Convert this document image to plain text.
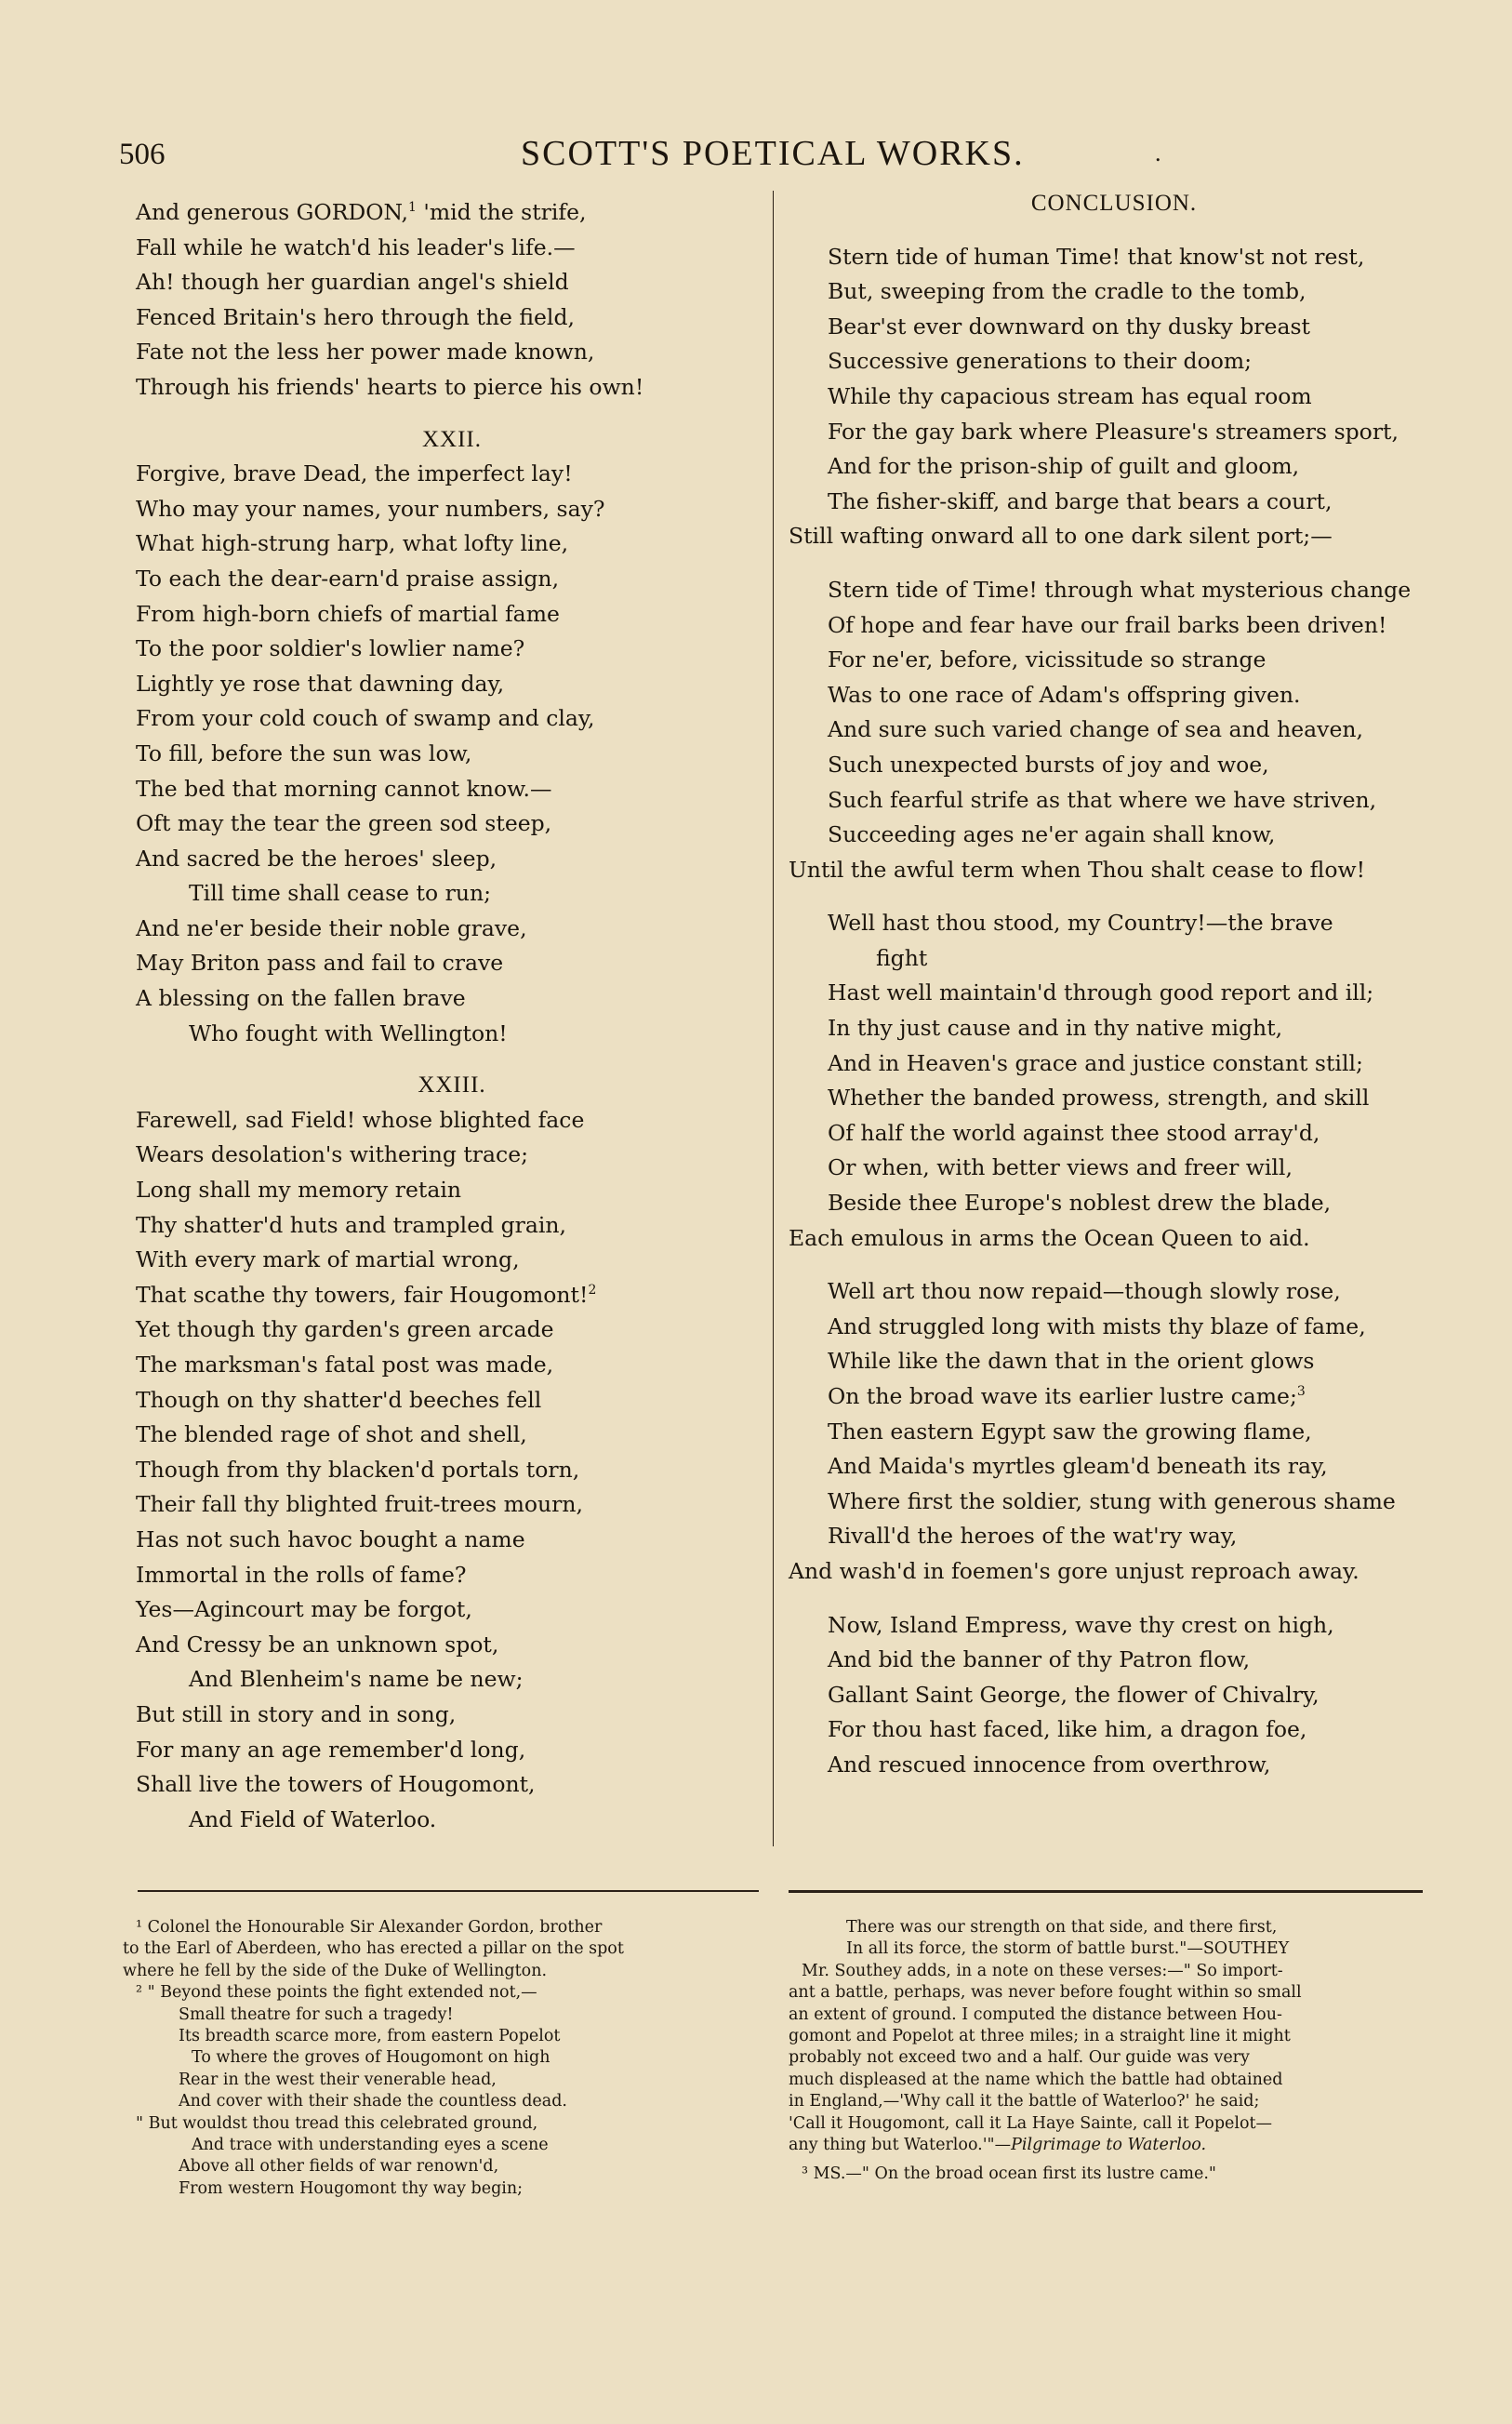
506	SCOTT'S POETICAL WORKS.	.
And generous GORDON,$^1$ 'mid the strife,
Fall while he watch'd his leader's life.—
Ah! though her guardian angel's shield
Fenced Britain's hero through the field,
Fate not the less her power made known,
Through his friends' hearts to pierce his own!
XXII.
Forgive, brave Dead, the imperfect lay!
Who may your names, your numbers, say?
What high-strung harp, what lofty line,
To each the dear-earn'd praise assign,
From high-born chiefs of martial fame
To the poor soldier's lowlier name?
Lightly ye rose that dawning day,
From your cold couch of swamp and clay,
To fill, before the sun was low,
The bed that morning cannot know.—
Oft may the tear the green sod steep,
And sacred be the heroes' sleep,
Till time shall cease to run;
And ne'er beside their noble grave,
May Briton pass and fail to crave
A blessing on the fallen brave
Who fought with Wellington!
XXIII.
Farewell, sad Field! whose blighted face
Wears desolation's withering trace;
Long shall my memory retain
Thy shatter'd huts and trampled grain,
With every mark of martial wrong,
That scathe thy towers, fair Hougomont!$^2$
Yet though thy garden's green arcade
The marksman's fatal post was made,
Though on thy shatter'd beeches fell
The blended rage of shot and shell,
Though from thy blacken'd portals torn,
Their fall thy blighted fruit-trees mourn,
Has not such havoc bought a name
Immortal in the rolls of fame?
Yes—Agincourt may be forgot,
And Cressy be an unknown spot,
And Blenheim's name be new;
But still in story and in song,
For many an age remember'd long,
Shall live the towers of Hougomont,
And Field of Waterloo.
CONCLUSION.
Stern tide of human Time! that know'st not rest,
But, sweeping from the cradle to the tomb,
Bear'st ever downward on thy dusky breast
Successive generations to their doom;
While thy capacious stream has equal room
For the gay bark where Pleasure's streamers sport,
And for the prison-ship of guilt and gloom,
The fisher-skiff, and barge that bears a court,
Still wafting onward all to one dark silent port;—
Stern tide of Time! through what mysterious change
Of hope and fear have our frail barks been driven!
For ne'er, before, vicissitude so strange
Was to one race of Adam's offspring given.
And sure such varied change of sea and heaven,
Such unexpected bursts of joy and woe,
Such fearful strife as that where we have striven,
Succeeding ages ne'er again shall know,
Until the awful term when Thou shalt cease to flow!
Well hast thou stood, my Country!—the brave
fight
Hast well maintain'd through good report and ill;
In thy just cause and in thy native might,
And in Heaven's grace and justice constant still;
Whether the banded prowess, strength, and skill
Of half the world against thee stood array'd,
Or when, with better views and freer will,
Beside thee Europe's noblest drew the blade,
Each emulous in arms the Ocean Queen to aid.
Well art thou now repaid—though slowly rose,
And struggled long with mists thy blaze of fame,
While like the dawn that in the orient glows
On the broad wave its earlier lustre came;$^3$
Then eastern Egypt saw the growing flame,
And Maida's myrtles gleam'd beneath its ray,
Where first the soldier, stung with generous shame
Rivall'd the heroes of the wat'ry way,
And wash'd in foemen's gore unjust reproach away.
Now, Island Empress, wave thy crest on high,
And bid the banner of thy Patron flow,
Gallant Saint George, the flower of Chivalry,
For thou hast faced, like him, a dragon foe,
And rescued innocence from overthrow,
¹ Colonel the Honourable Sir Alexander Gordon, brother
to the Earl of Aberdeen, who has erected a pillar on the spot
where he fell by the side of the Duke of Wellington.
² " Beyond these points the fight extended not,—
Small theatre for such a tragedy!
Its breadth scarce more, from eastern Popelot
To where the groves of Hougomont on high
Rear in the west their venerable head,
And cover with their shade the countless dead.
" But wouldst thou tread this celebrated ground,
And trace with understanding eyes a scene
Above all other fields of war renown'd,
From western Hougomont thy way begin;
There was our strength on that side, and there first,
In all its force, the storm of battle burst."—SOUTHEY
Mr. Southey adds, in a note on these verses:—" So import-
ant a battle, perhaps, was never before fought within so small
an extent of ground. I computed the distance between Hou-
gomont and Popelot at three miles; in a straight line it might
probably not exceed two and a half. Our guide was very
much displeased at the name which the battle had obtained
in England,—'Why call it the battle of Waterloo?' he said;
'Call it Hougomont, call it La Haye Sainte, call it Popelot—
any thing but Waterloo.'"—Pilgrimage to Waterloo.
³ MS.—" On the broad ocean first its lustre came."
